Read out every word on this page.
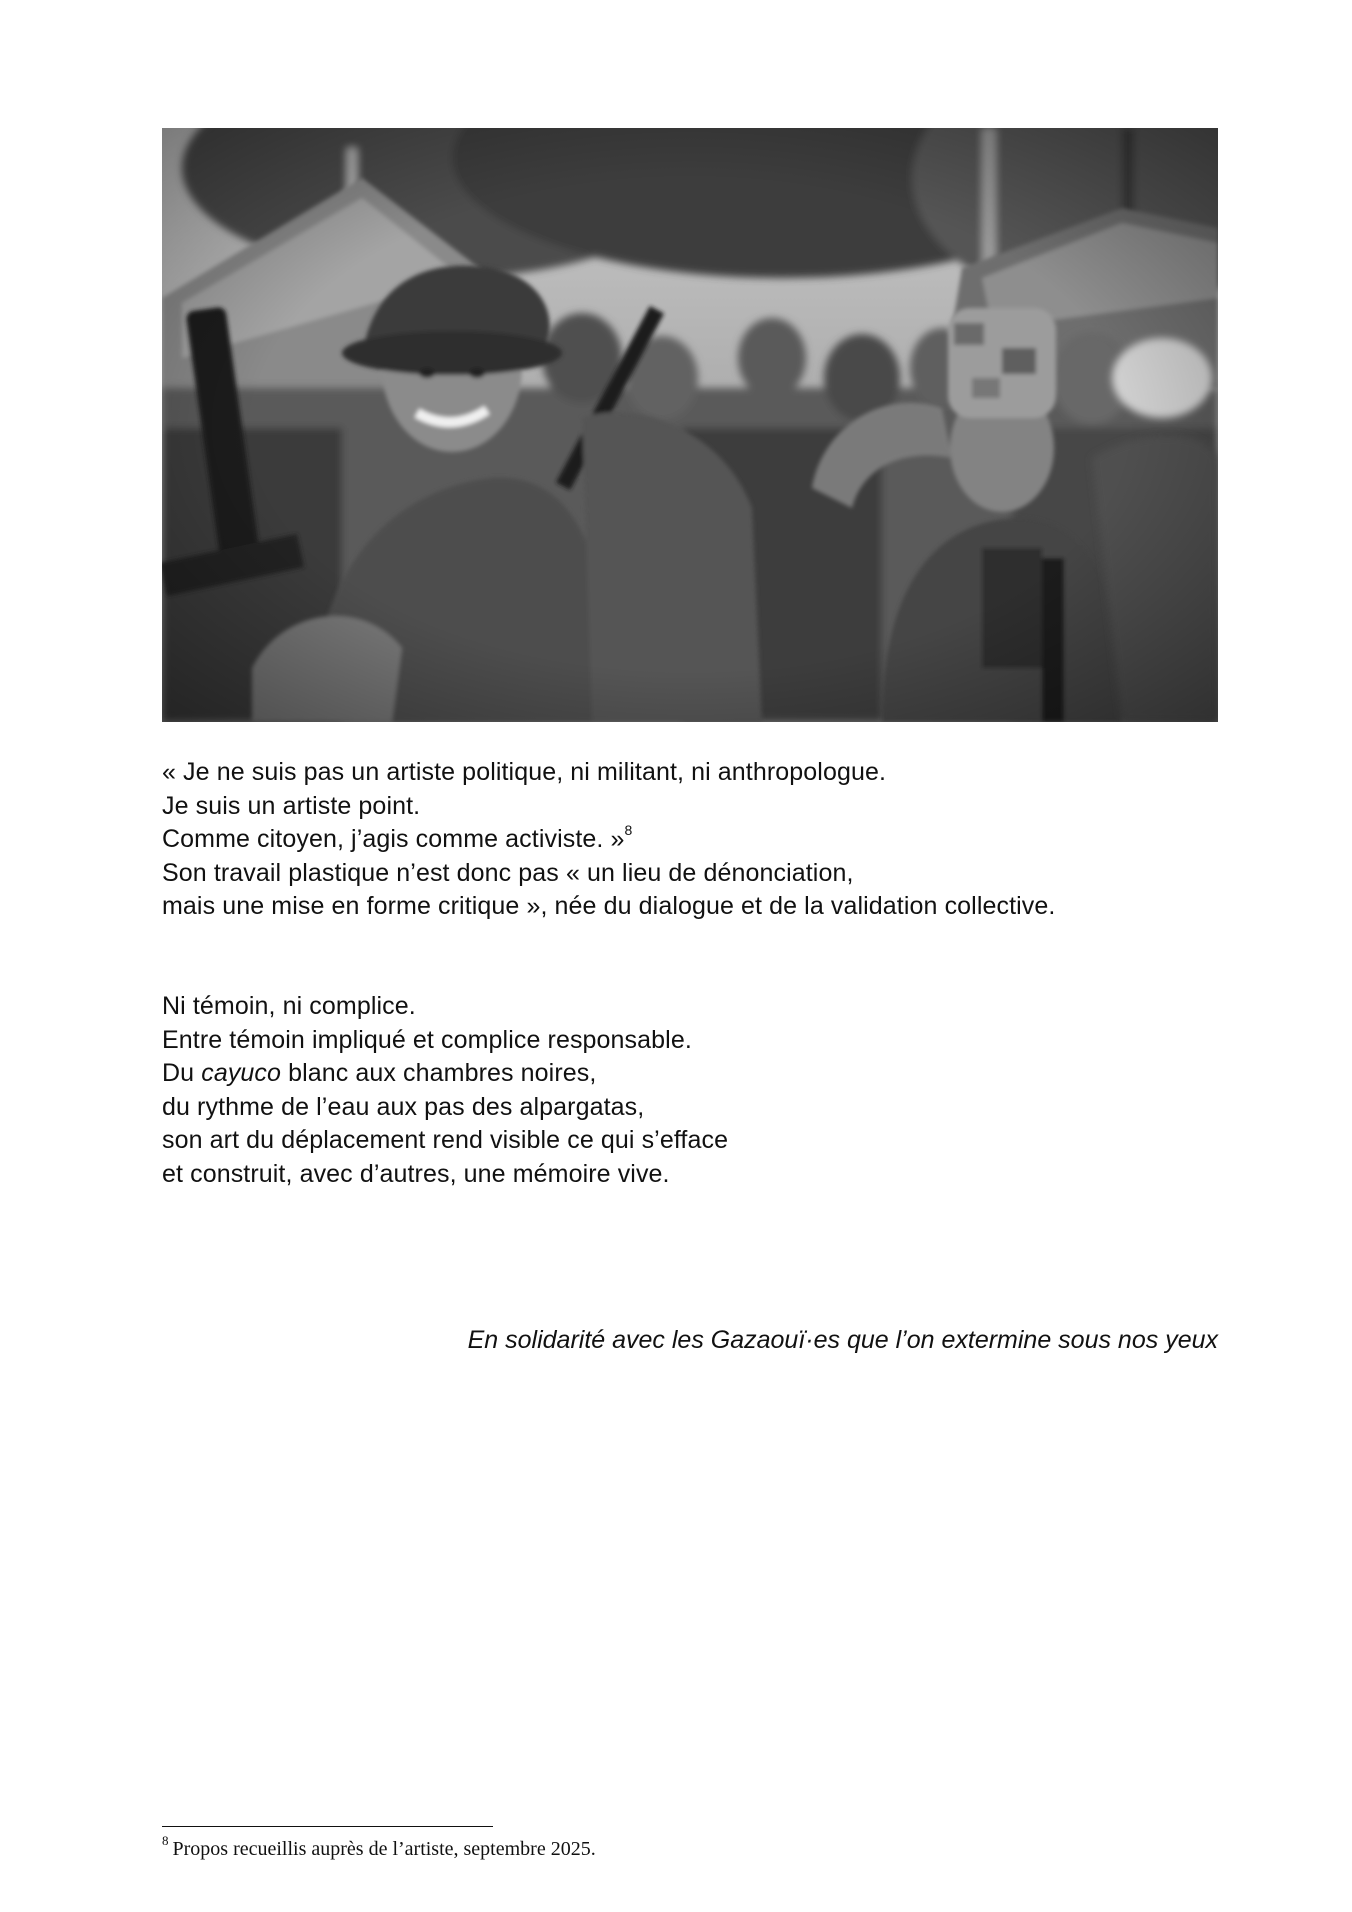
« Je ne suis pas un artiste politique, ni militant, ni anthropologue.
Je suis un artiste point.
Comme citoyen, j’agis comme activiste. »$^8$
Son travail plastique n’est donc pas « un lieu de dénonciation,
mais une mise en forme critique », née du dialogue et de la validation collective.
Ni témoin, ni complice.
Entre témoin impliqué et complice responsable.
Du cayuco blanc aux chambres noires,
du rythme de l’eau aux pas des alpargatas,
son art du déplacement rend visible ce qui s’efface
et construit, avec d’autres, une mémoire vive.
En solidarité avec les Gazaouï·es que l’on extermine sous nos yeux
$^8$ Propos recueillis auprès de l’artiste, septembre 2025.
